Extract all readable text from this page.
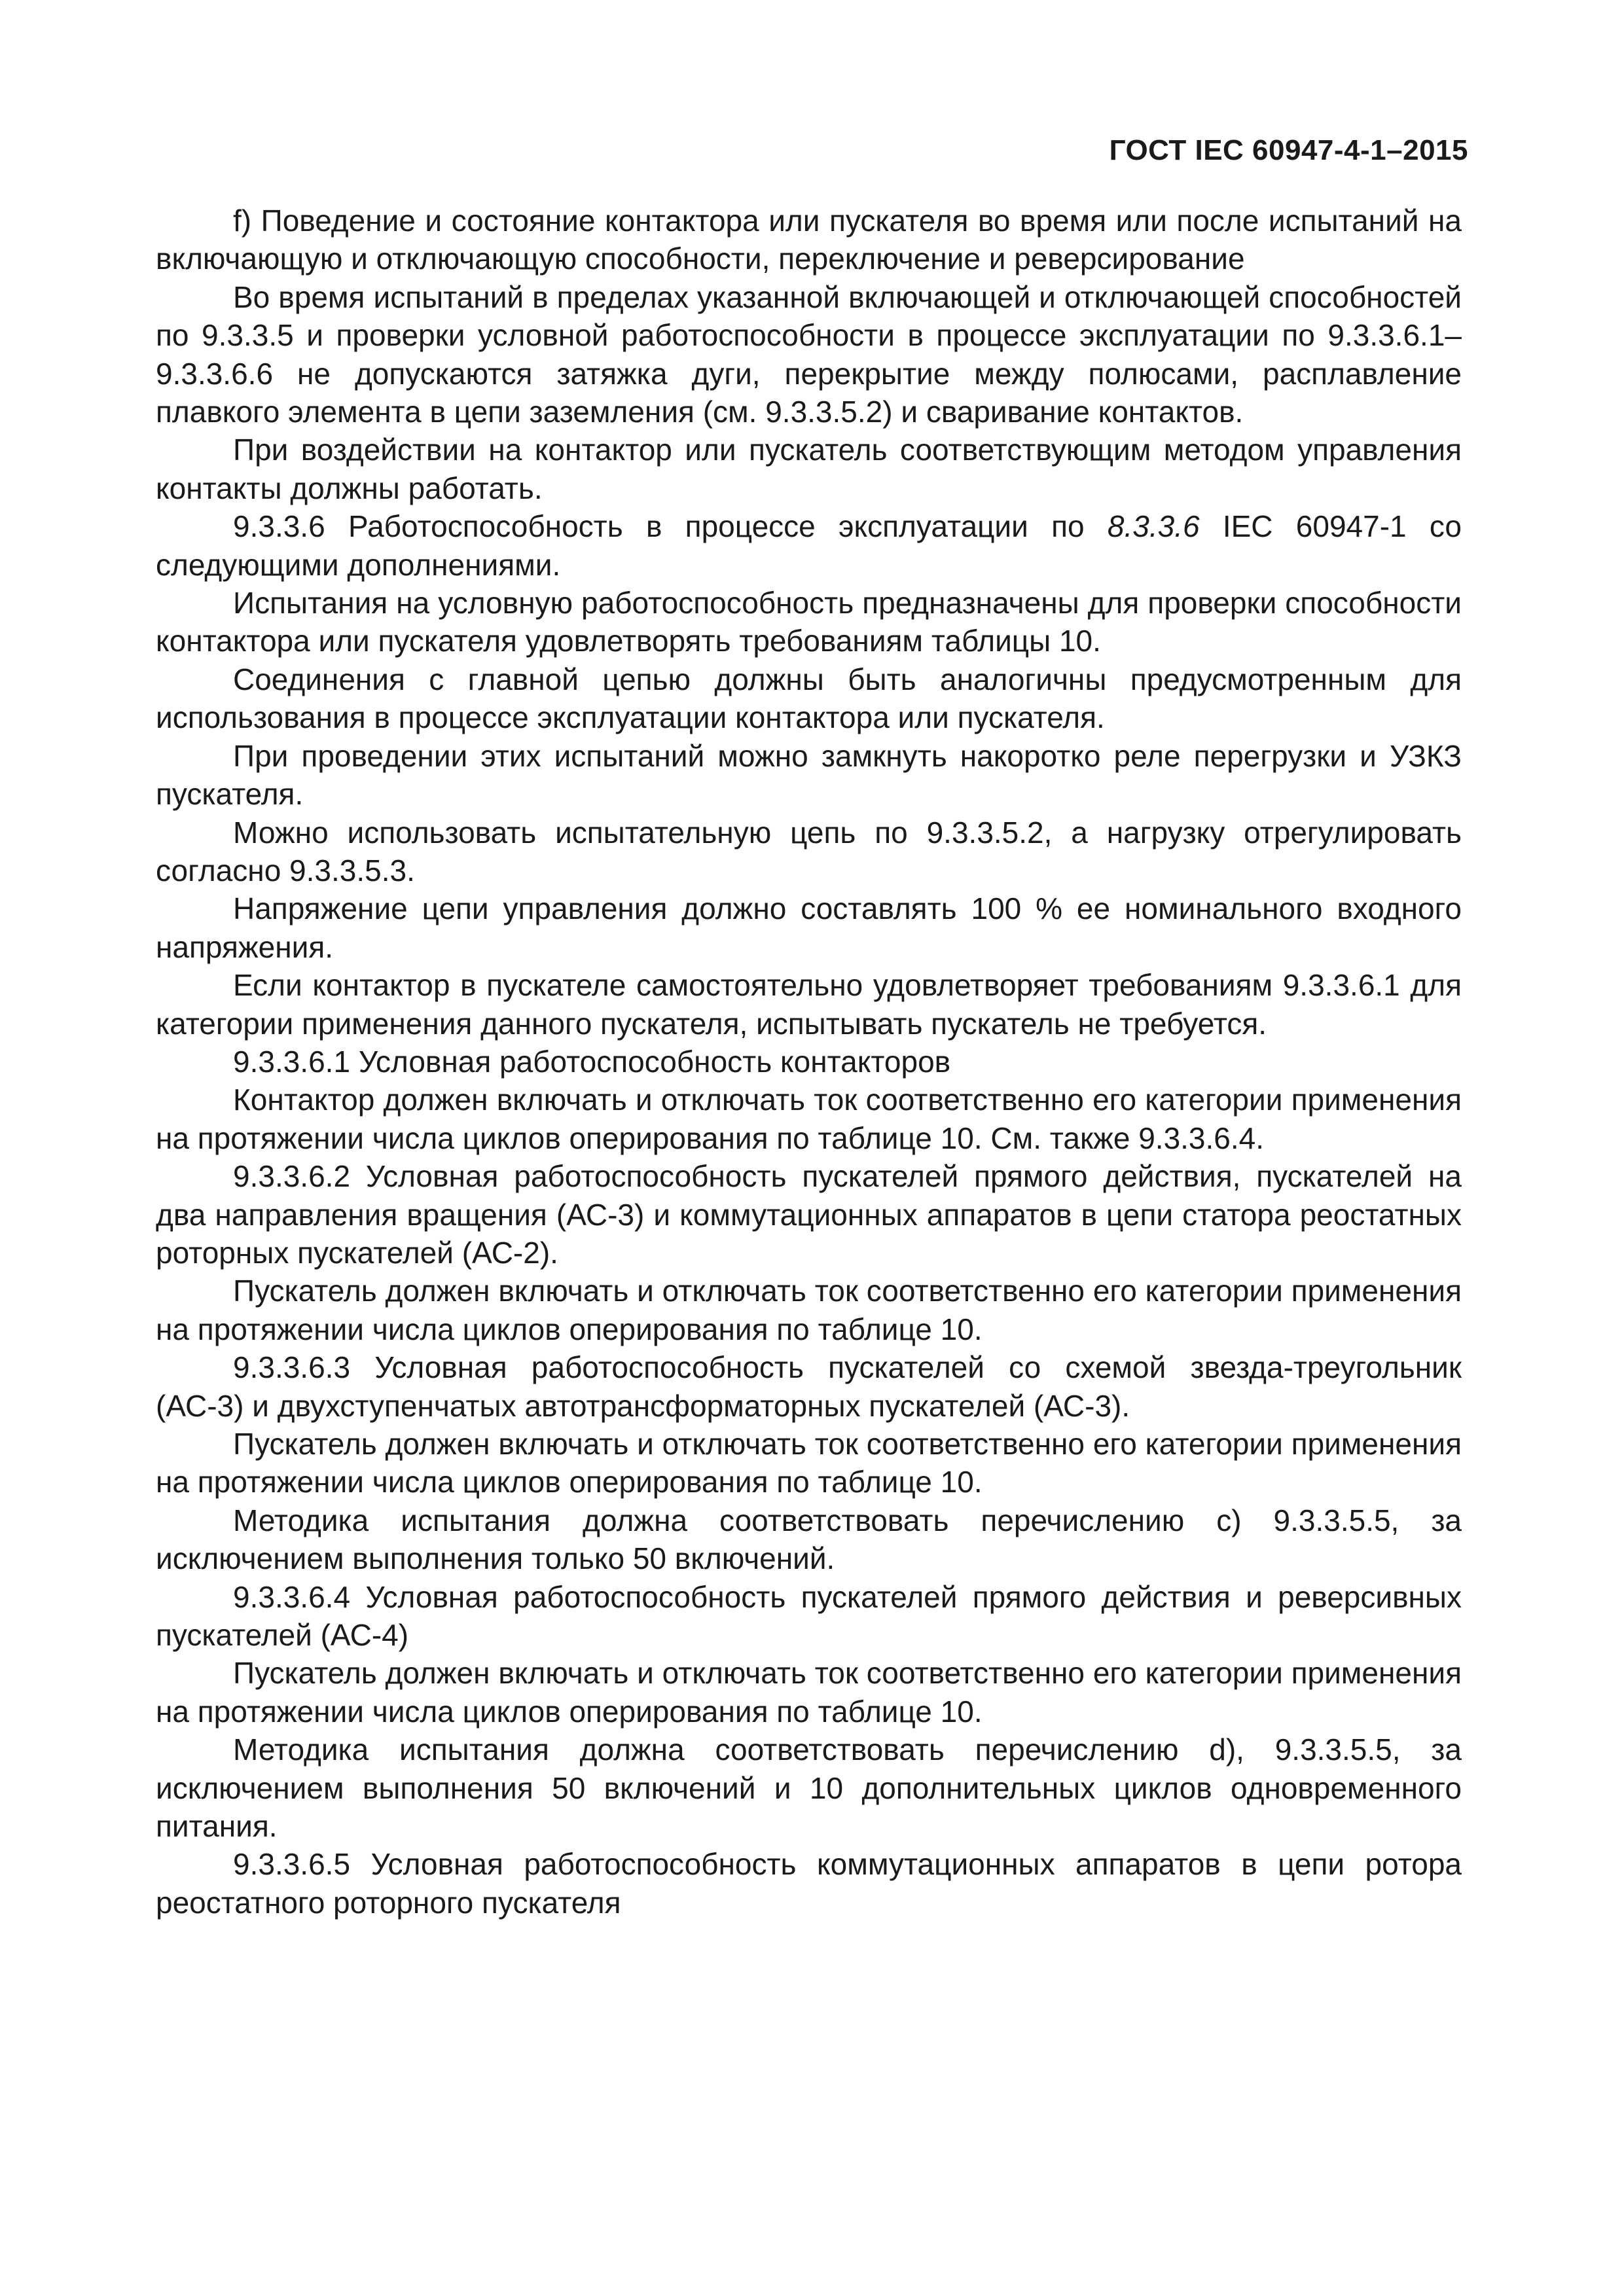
ГОСТ IEC 60947-4-1–2015

f) Поведение и состояние контактора или пускателя во время или после испытаний на включающую и отключающую способности, переключение и реверсирование

Во время испытаний в пределах указанной включающей и отключающей способностей по 9.3.3.5 и проверки условной работоспособности в процессе эксплуатации по 9.3.3.6.1–9.3.3.6.6 не допускаются затяжка дуги, перекрытие между полюсами, расплавление плавкого элемента в цепи заземления (см. 9.3.3.5.2) и сваривание контактов.

При воздействии на контактор или пускатель соответствующим методом управления контакты должны работать.

9.3.3.6 Работоспособность в процессе эксплуатации по 8.3.3.6 IEC 60947-1 со следующими дополнениями.

Испытания на условную работоспособность предназначены для проверки способности контактора или пускателя удовлетворять требованиям таблицы 10.

Соединения с главной цепью должны быть аналогичны предусмотренным для использования в процессе эксплуатации контактора или пускателя.

При проведении этих испытаний можно замкнуть накоротко реле перегрузки и УЗКЗ пускателя.

Можно использовать испытательную цепь по 9.3.3.5.2, а нагрузку отрегулировать согласно 9.3.3.5.3.

Напряжение цепи управления должно составлять 100 % ее номинального входного напряжения.

Если контактор в пускателе самостоятельно удовлетворяет требованиям 9.3.3.6.1 для категории применения данного пускателя, испытывать пускатель не требуется.

9.3.3.6.1 Условная работоспособность контакторов

Контактор должен включать и отключать ток соответственно его категории применения на протяжении числа циклов оперирования по таблице 10. См. также 9.3.3.6.4.

9.3.3.6.2 Условная работоспособность пускателей прямого действия, пускателей на два направления вращения (АС-3) и коммутационных аппаратов в цепи статора реостатных роторных пускателей (АС-2).

Пускатель должен включать и отключать ток соответственно его категории применения на протяжении числа циклов оперирования по таблице 10.

9.3.3.6.3 Условная работоспособность пускателей со схемой звезда-треугольник (АС-3) и двухступенчатых автотрансформаторных пускателей (АС-3).

Пускатель должен включать и отключать ток соответственно его категории применения на протяжении числа циклов оперирования по таблице 10.

Методика испытания должна соответствовать перечислению c) 9.3.3.5.5, за исключением выполнения только 50 включений.

9.3.3.6.4 Условная работоспособность пускателей прямого действия и реверсивных пускателей (АС-4)

Пускатель должен включать и отключать ток соответственно его категории применения на протяжении числа циклов оперирования по таблице 10.

Методика испытания должна соответствовать перечислению d), 9.3.3.5.5, за исключением выполнения 50 включений и 10 дополнительных циклов одновременного питания.

9.3.3.6.5 Условная работоспособность коммутационных аппаратов в цепи ротора реостатного роторного пускателя
